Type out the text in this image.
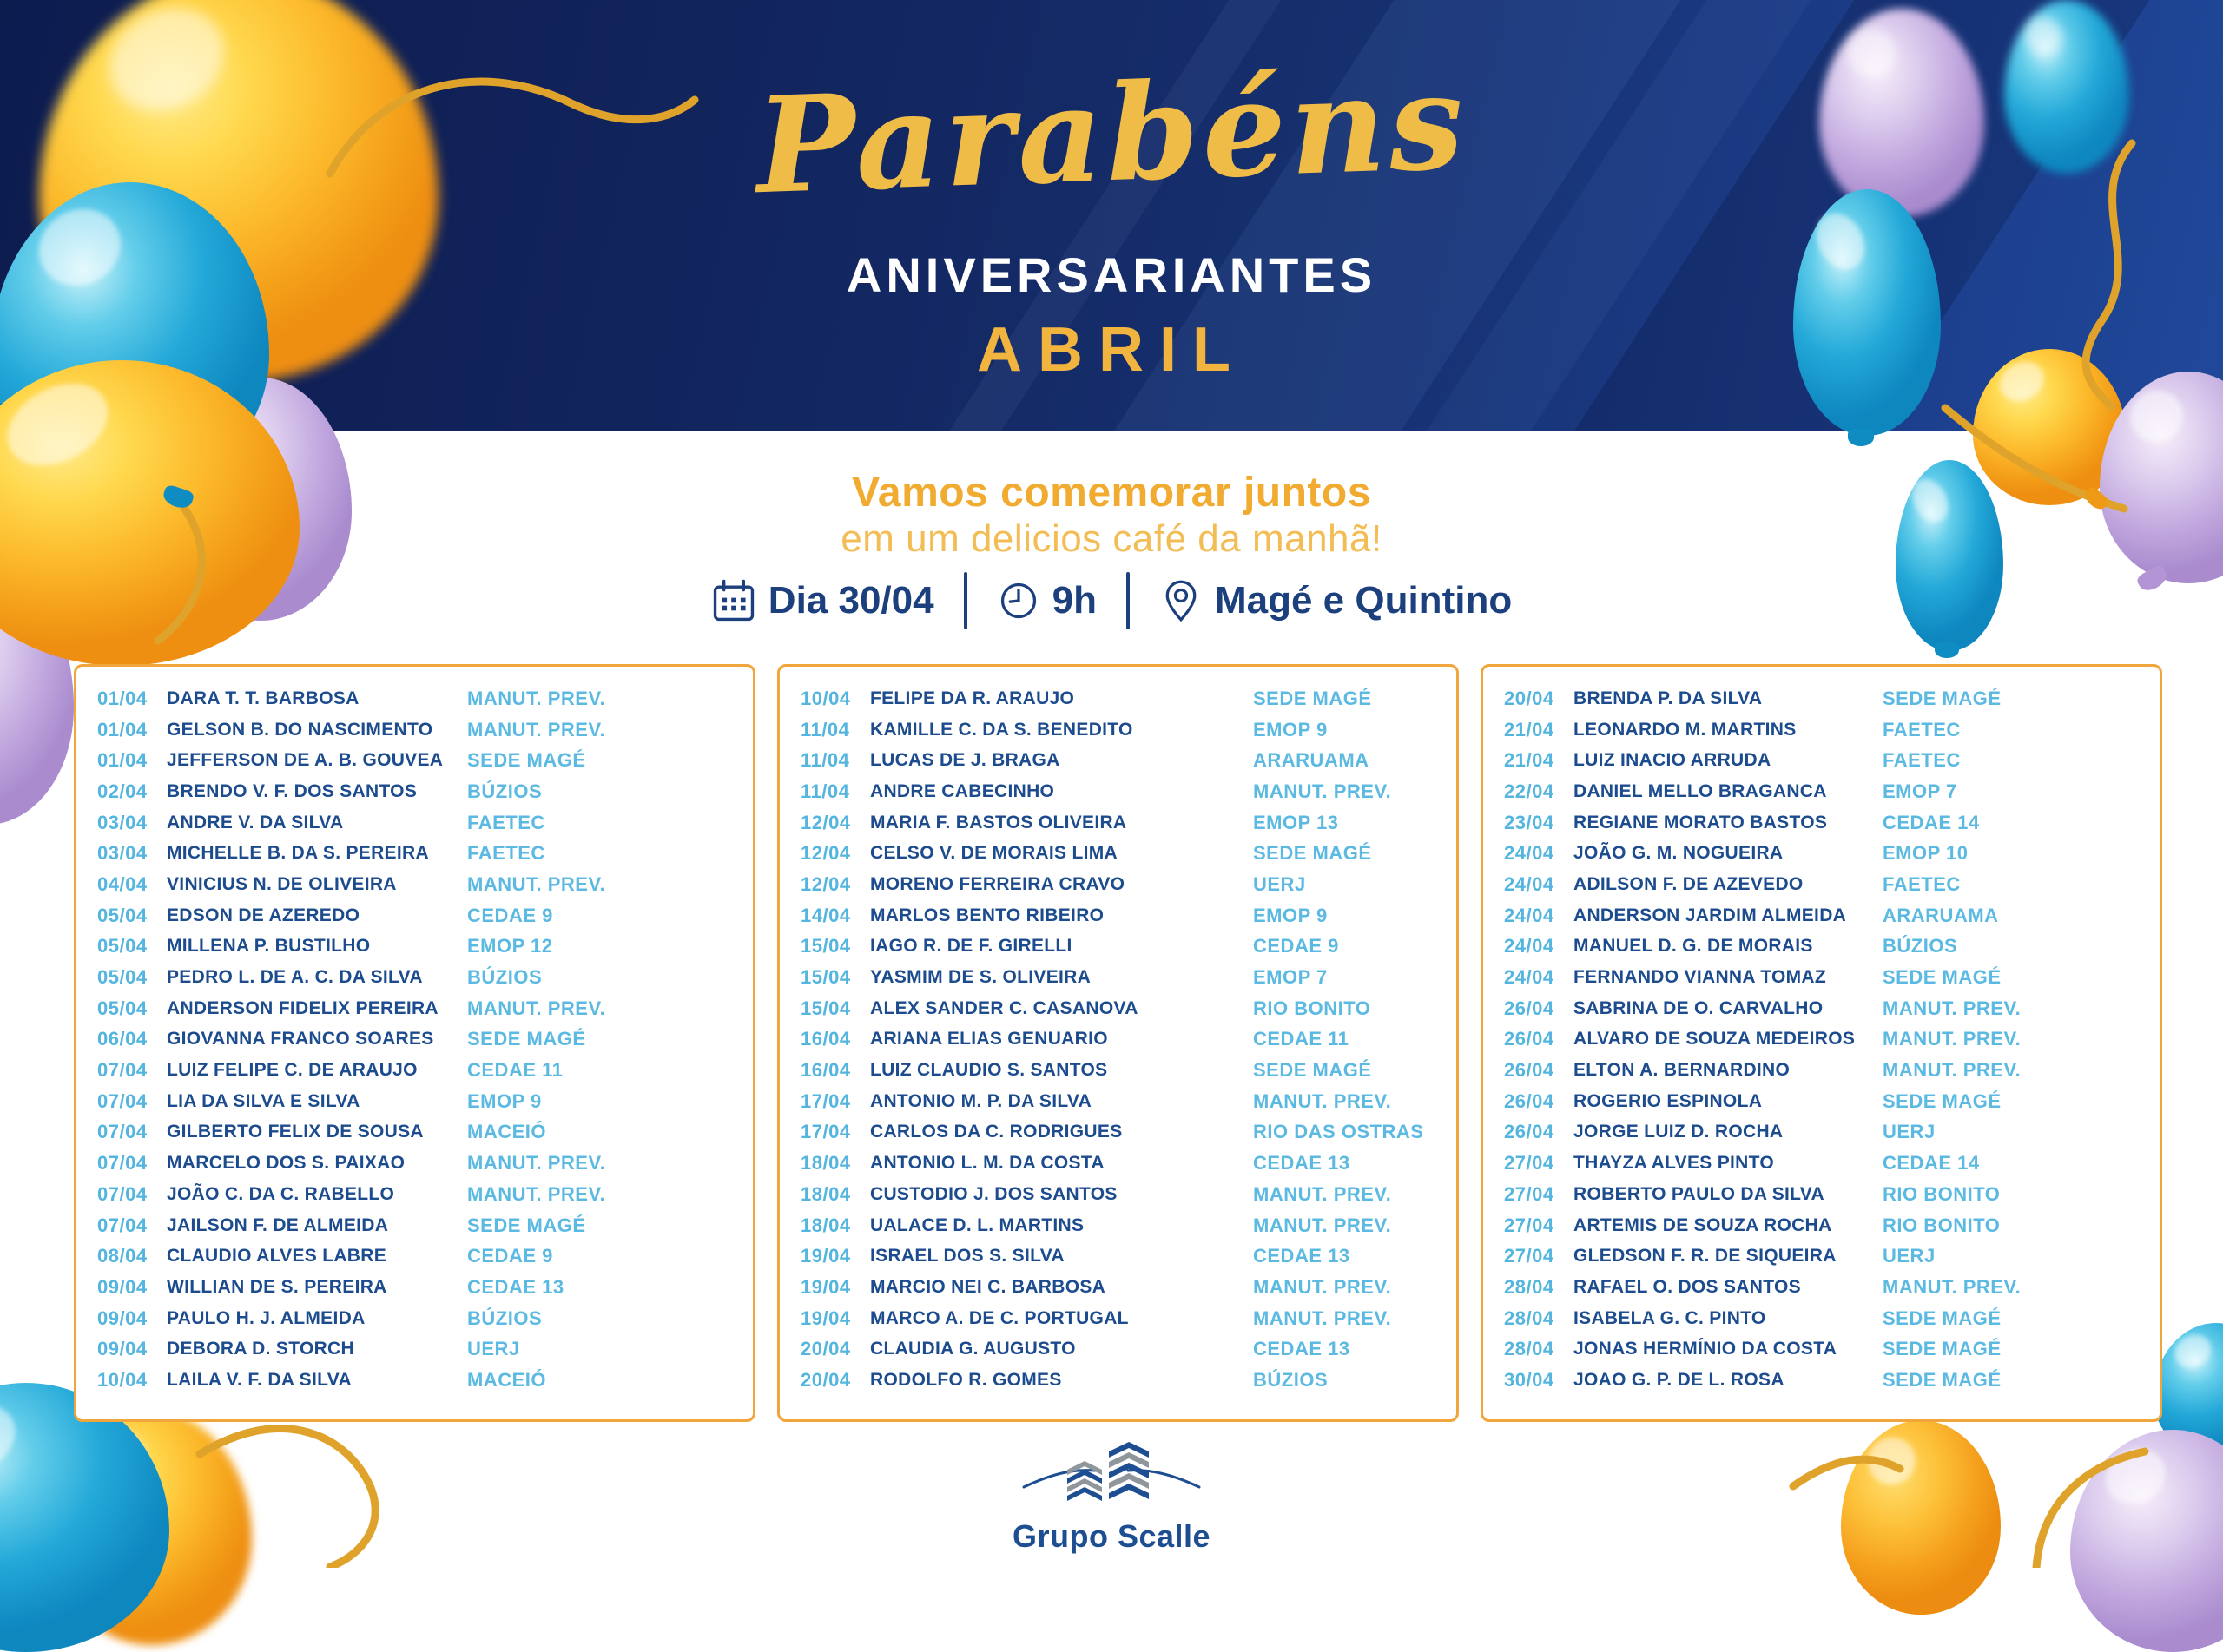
Parabéns
ANIVERSARIANTES
ABRIL
Vamos comemorar juntos
em um delicios café da manhã!
Dia 30/04	9h	Magé e Quintino
01/04 DARA T. T. BARBOSA	MANUT. PREV.
01/04 GELSON B. DO NASCIMENTO MANUT. PREV.
01/04 JEFFERSON DE A. B. GOUVEA SEDE MAGÉ
02/04 BRENDO V. F. DOS SANTOS	BÚZIOS
03/04 ANDRE V. DA SILVA	FAETEC
03/04 MICHELLE B. DA S. PEREIRA FAETEC
04/04 VINICIUS N. DE OLIVEIRA	MANUT. PREV.
05/04 EDSON DE AZEREDO	CEDAE 9
05/04 MILLENA P. BUSTILHO	EMOP 12
05/04 PEDRO L. DE A. C. DA SILVA BÚZIOS
05/04 ANDERSON FIDELIX PEREIRA MANUT. PREV.
06/04 GIOVANNA FRANCO SOARES SEDE MAGÉ
07/04 LUIZ FELIPE C. DE ARAUJO	CEDAE 11
07/04 LIA DA SILVA E SILVA	EMOP 9
07/04 GILBERTO FELIX DE SOUSA MACEIÓ
07/04 MARCELO DOS S. PAIXAO	MANUT. PREV.
07/04 JOÃO C. DA C. RABELLO	MANUT. PREV.
07/04 JAILSON F. DE ALMEIDA	SEDE MAGÉ
08/04 CLAUDIO ALVES LABRE	CEDAE 9
09/04 WILLIAN DE S. PEREIRA	CEDAE 13
09/04 PAULO H. J. ALMEIDA	BÚZIOS
09/04 DEBORA D. STORCH	UERJ
10/04 LAILA V. F. DA SILVA	MACEIÓ
10/04 FELIPE DA R. ARAUJO	SEDE MAGÉ
11/04 KAMILLE C. DA S. BENEDITO	EMOP 9
11/04 LUCAS DE J. BRAGA	ARARUAMA
11/04 ANDRE CABECINHO	MANUT. PREV.
12/04 MARIA F. BASTOS OLIVEIRA	EMOP 13
12/04 CELSO V. DE MORAIS LIMA	SEDE MAGÉ
12/04 MORENO FERREIRA CRAVO	UERJ
14/04 MARLOS BENTO RIBEIRO	EMOP 9
15/04 IAGO R. DE F. GIRELLI	CEDAE 9
15/04 YASMIM DE S. OLIVEIRA	EMOP 7
15/04 ALEX SANDER C. CASANOVA	RIO BONITO
16/04 ARIANA ELIAS GENUARIO	CEDAE 11
16/04 LUIZ CLAUDIO S. SANTOS	SEDE MAGÉ
17/04 ANTONIO M. P. DA SILVA	MANUT. PREV.
17/04 CARLOS DA C. RODRIGUES	RIO DAS OSTRAS
18/04 ANTONIO L. M. DA COSTA	CEDAE 13
18/04 CUSTODIO J. DOS SANTOS	MANUT. PREV.
18/04 UALACE D. L. MARTINS	MANUT. PREV.
19/04 ISRAEL DOS S. SILVA	CEDAE 13
19/04 MARCIO NEI C. BARBOSA	MANUT. PREV.
19/04 MARCO A. DE C. PORTUGAL	MANUT. PREV.
20/04 CLAUDIA G. AUGUSTO	CEDAE 13
20/04 RODOLFO R. GOMES	BÚZIOS
20/04 BRENDA P. DA SILVA	SEDE MAGÉ
21/04 LEONARDO M. MARTINS	FAETEC
21/04 LUIZ INACIO ARRUDA	FAETEC
22/04 DANIEL MELLO BRAGANCA	EMOP 7
23/04 REGIANE MORATO BASTOS	CEDAE 14
24/04 JOÃO G. M. NOGUEIRA	EMOP 10
24/04 ADILSON F. DE AZEVEDO	FAETEC
24/04 ANDERSON JARDIM ALMEIDA ARARUAMA
24/04 MANUEL D. G. DE MORAIS	BÚZIOS
24/04 FERNANDO VIANNA TOMAZ	SEDE MAGÉ
26/04 SABRINA DE O. CARVALHO	MANUT. PREV.
26/04 ALVARO DE SOUZA MEDEIROS MANUT. PREV.
26/04 ELTON A. BERNARDINO	MANUT. PREV.
26/04 ROGERIO ESPINOLA	SEDE MAGÉ
26/04 JORGE LUIZ D. ROCHA	UERJ
27/04 THAYZA ALVES PINTO	CEDAE 14
27/04 ROBERTO PAULO DA SILVA	RIO BONITO
27/04 ARTEMIS DE SOUZA ROCHA	RIO BONITO
27/04 GLEDSON F. R. DE SIQUEIRA UERJ
28/04 RAFAEL O. DOS SANTOS	MANUT. PREV.
28/04 ISABELA G. C. PINTO	SEDE MAGÉ
28/04 JONAS HERMÍNIO DA COSTA SEDE MAGÉ
30/04 JOAO G. P. DE L. ROSA	SEDE MAGÉ
Grupo Scalle
